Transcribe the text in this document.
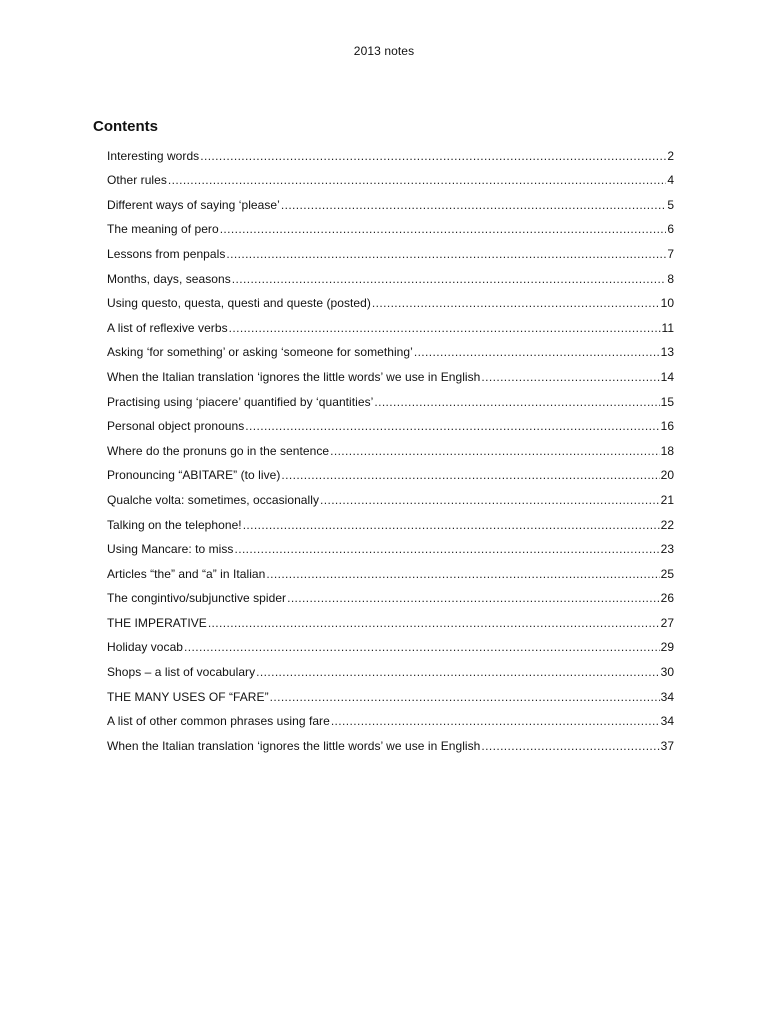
2013 notes
Contents
Interesting words .....	2
Other rules .....	4
Different ways of saying ‘please’ .....	5
The meaning of pero .....	6
Lessons from penpals .....	7
Months, days, seasons .....	8
Using questo, questa, questi and queste (posted) .....	10
A list of reflexive verbs .....	11
Asking ‘for something’ or asking ‘someone for something’ .....	13
When the Italian translation ‘ignores the little words’ we use in English .....	14
Practising using ‘piacere’ quantified by ‘quantities’ .....	15
Personal object pronouns .....	16
Where do the pronuns go in the sentence .....	18
Pronouncing “ABITARE” (to live) .....	20
Qualche volta: sometimes, occasionally .....	21
Talking on the telephone! .....	22
Using Mancare: to miss .....	23
Articles “the” and “a” in Italian .....	25
The congintivo/subjunctive spider .....	26
THE IMPERATIVE .....	27
Holiday vocab .....	29
Shops – a list of vocabulary .....	30
THE MANY USES OF “FARE” .....	34
A list of other common phrases using fare .....	34
When the Italian translation ‘ignores the little words’ we use in English .....	37
